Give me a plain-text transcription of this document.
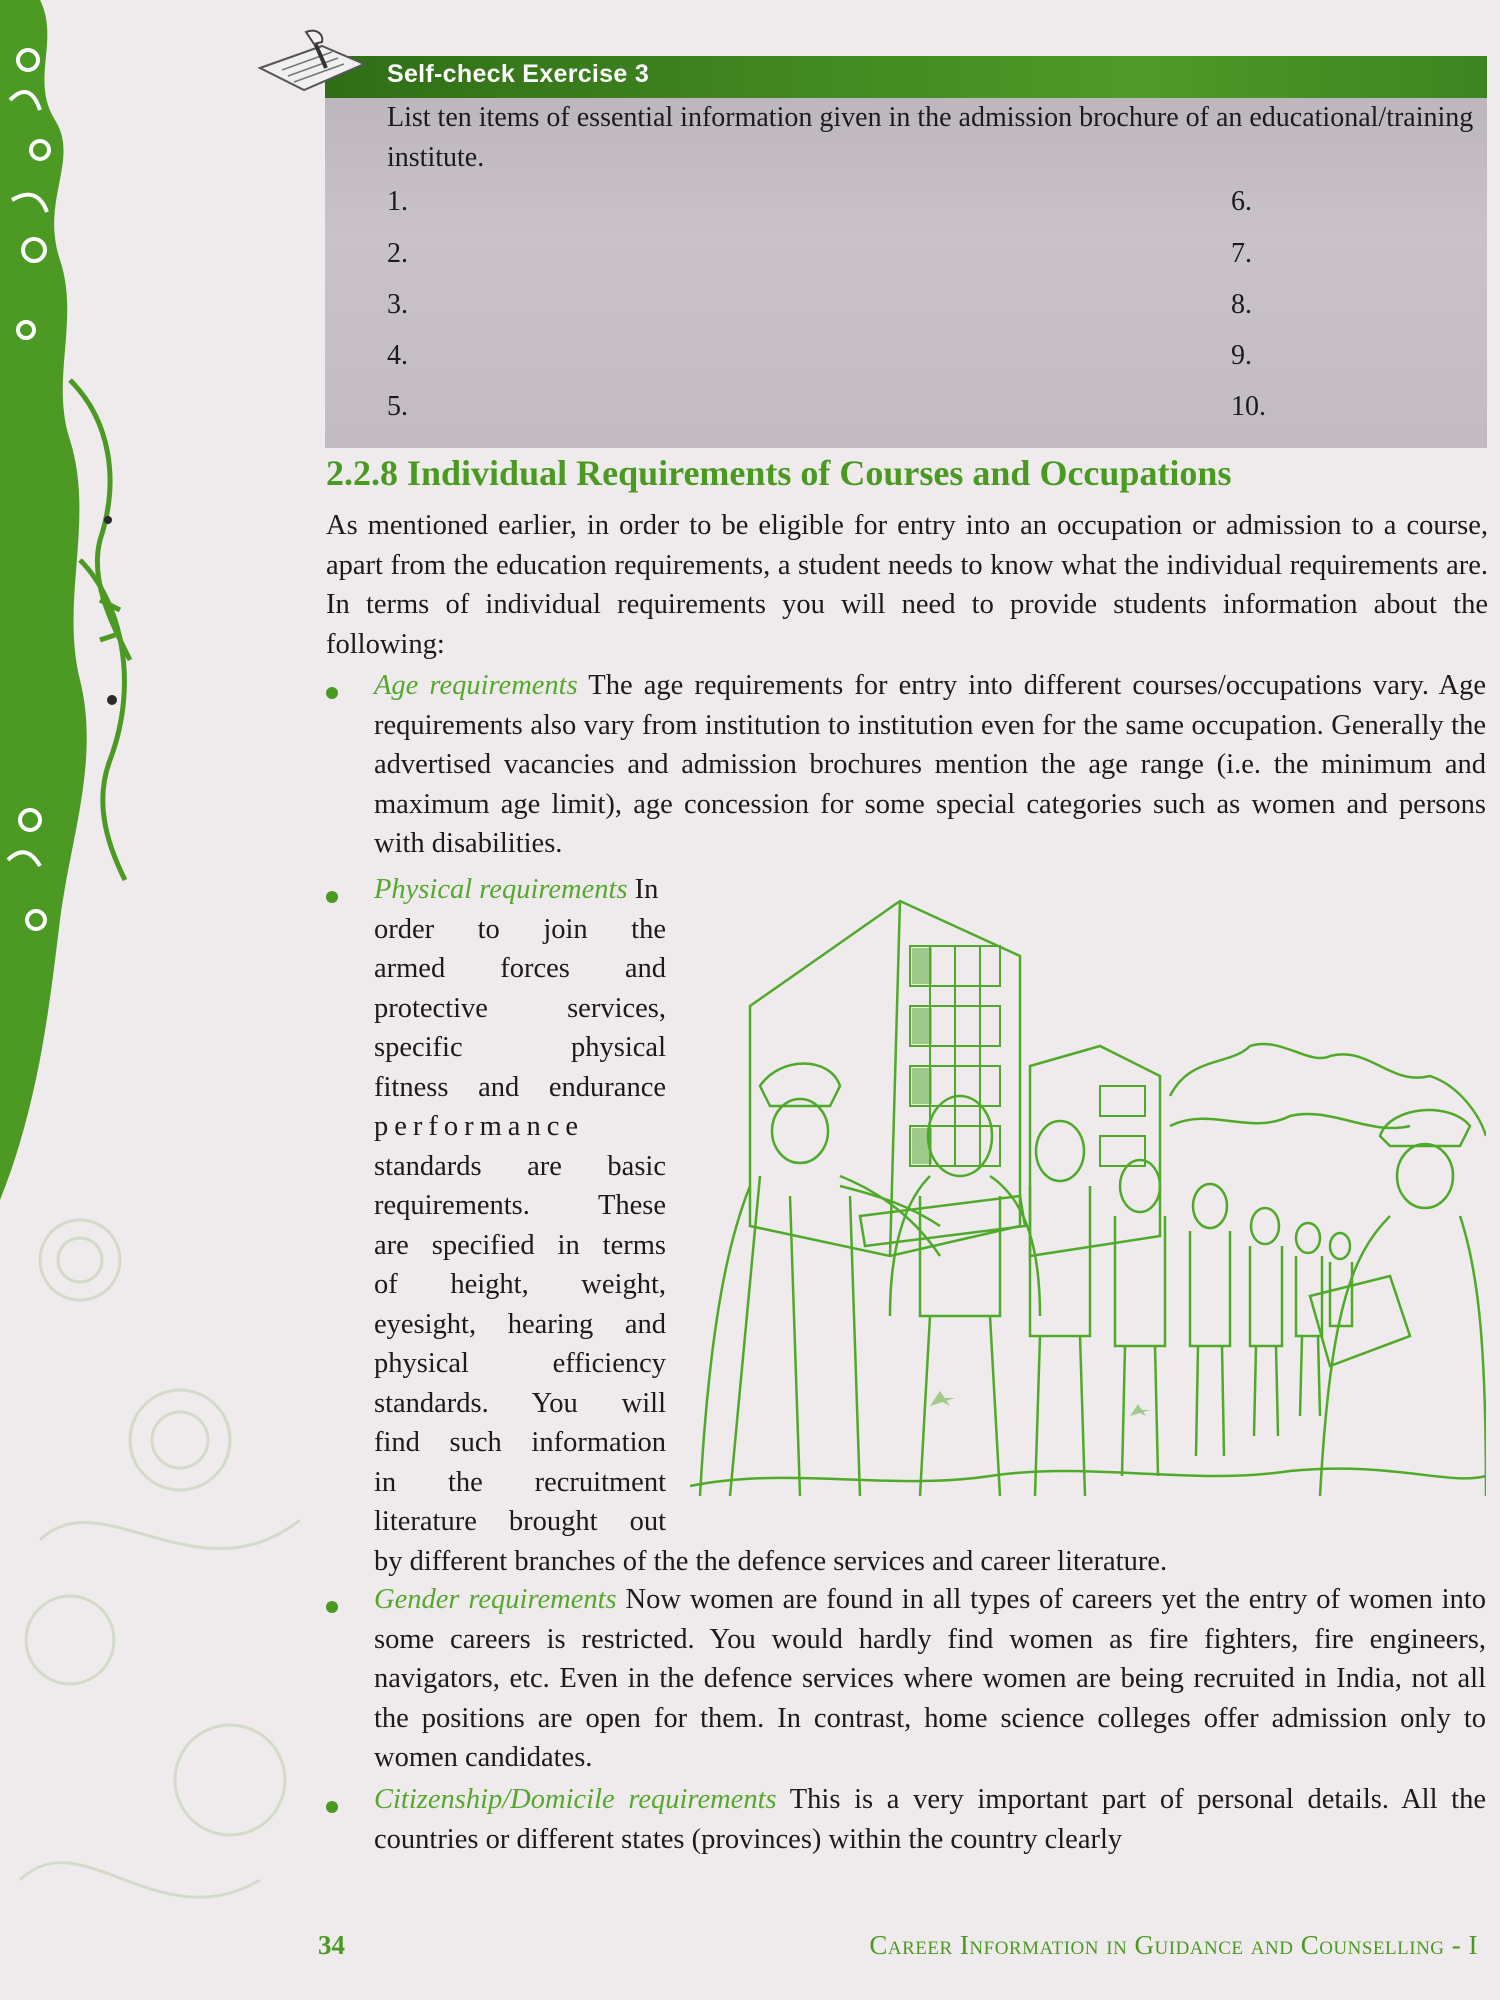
Self-check Exercise 3

List ten items of essential information given in the admission brochure of an educational/training institute.

1.
2.
3.
4.
5.
6.
7.
8.
9.
10.
2.2.8 Individual Requirements of Courses and Occupations

As mentioned earlier, in order to be eligible for entry into an occupation or admission to a course, apart from the education requirements, a student needs to know what the individual requirements are. In terms of individual requirements you will need to provide students information about the following:

Age requirements The age requirements for entry into different courses/occupations vary. Age requirements also vary from institution to institution even for the same occupation. Generally the advertised vacancies and admission brochures mention the age range (i.e. the minimum and maximum age limit), age concession for some special categories such as women and persons with disabilities.

Physical requirements In
order to join the
armed forces and
protective services,
specific physical
fitness and endurance
performance
standards are basic
requirements. These
are specified in terms
of height, weight,
eyesight, hearing and
physical efficiency
standards. You will
find such information
in the recruitment
literature brought out

by different branches of the the defence services and career literature.

Gender requirements Now women are found in all types of careers yet the entry of women into some careers is restricted. You would hardly find women as fire fighters, fire engineers, navigators, etc. Even in the defence services where women are being recruited in India, not all the positions are open for them. In contrast, home science colleges offer admission only to women candidates.

Citizenship/Domicile requirements This is a very important part of personal details. All the countries or different states (provinces) within the country clearly

34	Career Information in Guidance and Counselling - I
